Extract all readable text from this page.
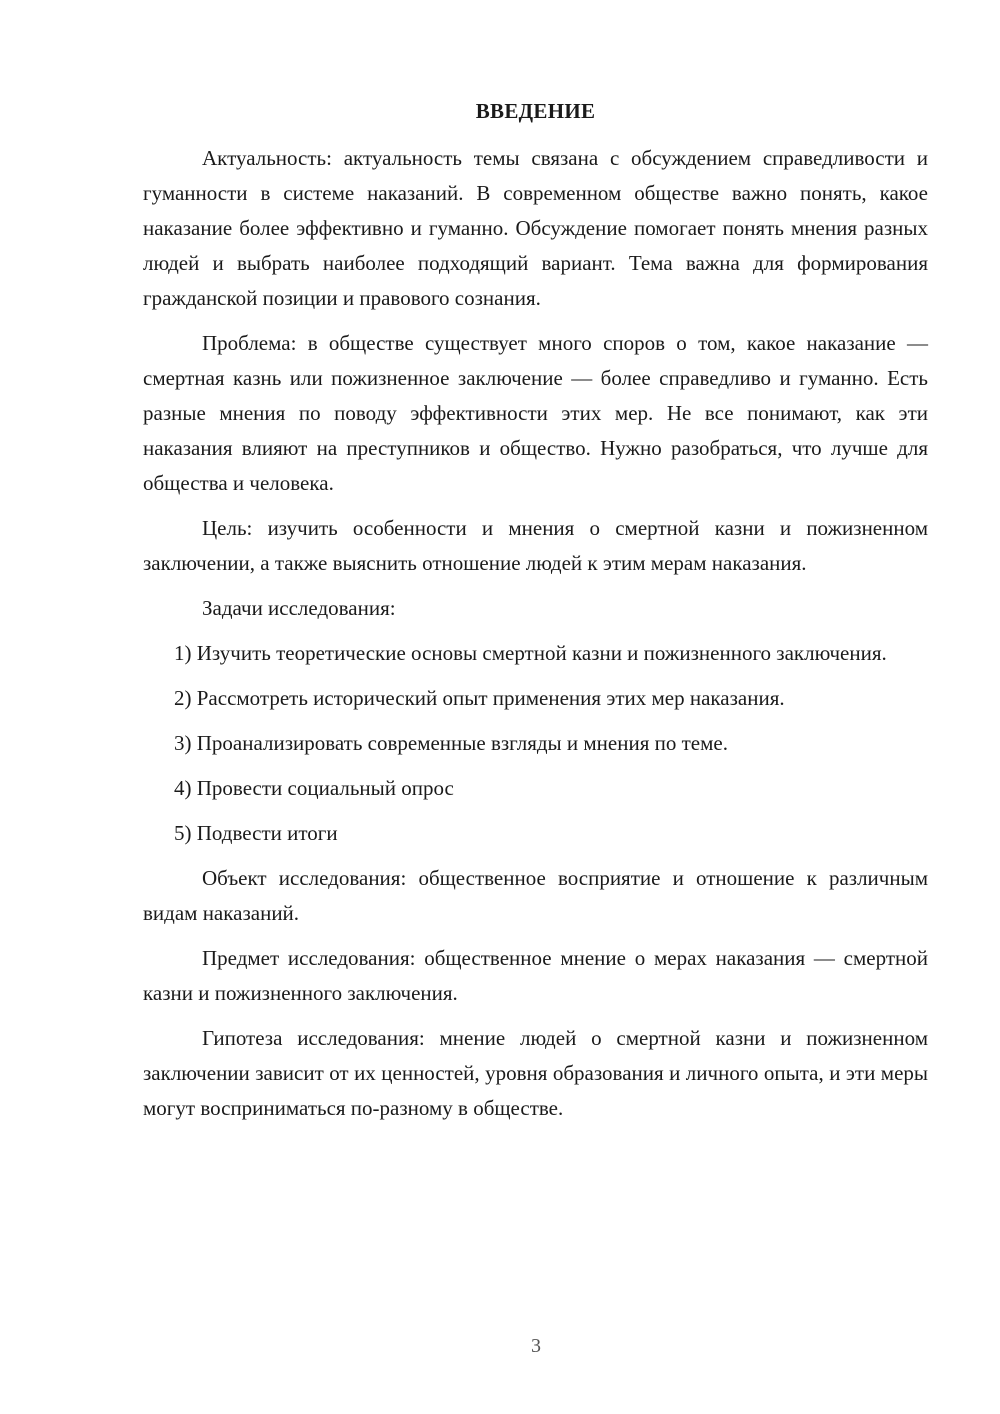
ВВЕДЕНИЕ

Актуальность: актуальность темы связана с обсуждением справедливости и гуманности в системе наказаний. В современном обществе важно понять, какое наказание более эффективно и гуманно. Обсуждение помогает понять мнения разных людей и выбрать наиболее подходящий вариант. Тема важна для формирования гражданской позиции и правового сознания.

Проблема: в обществе существует много споров о том, какое наказание — смертная казнь или пожизненное заключение — более справедливо и гуманно. Есть разные мнения по поводу эффективности этих мер. Не все понимают, как эти наказания влияют на преступников и общество. Нужно разобраться, что лучше для общества и человека.

Цель: изучить особенности и мнения о смертной казни и пожизненном заключении, а также выяснить отношение людей к этим мерам наказания.

Задачи исследования:

1) Изучить теоретические основы смертной казни и пожизненного заключения.

2) Рассмотреть исторический опыт применения этих мер наказания.

3) Проанализировать современные взгляды и мнения по теме.

4) Провести социальный опрос

5) Подвести итоги

Объект исследования: общественное восприятие и отношение к различным видам наказаний.

Предмет исследования: общественное мнение о мерах наказания — смертной казни и пожизненного заключения.

Гипотеза исследования: мнение людей о смертной казни и пожизненном заключении зависит от их ценностей, уровня образования и личного опыта, и эти меры могут восприниматься по-разному в обществе.

3
